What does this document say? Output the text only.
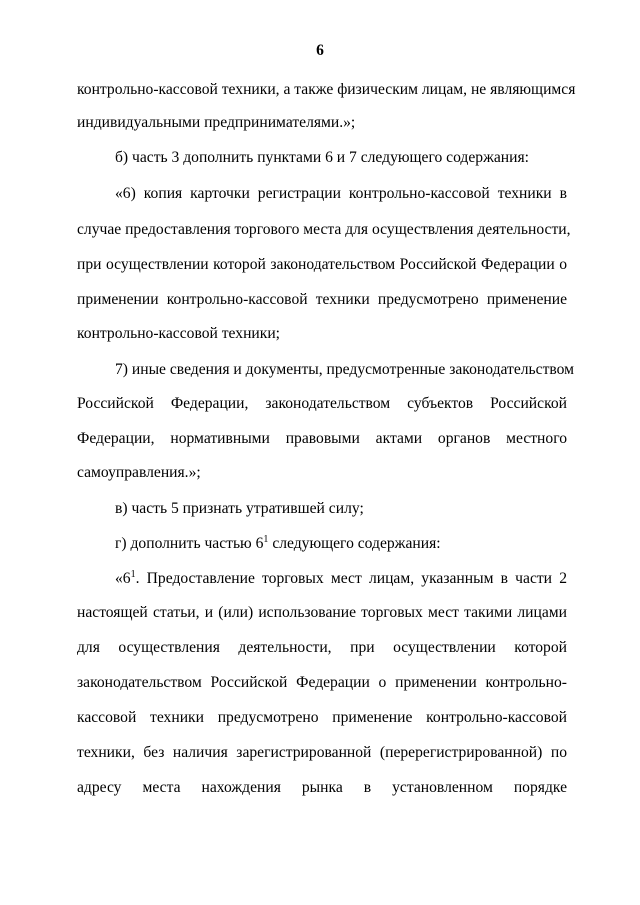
6
контрольно-кассовой техники, а также физическим лицам, не являющимся
индивидуальными предпринимателями.»;
б) часть 3 дополнить пунктами 6 и 7 следующего содержания:
«6) копия карточки регистрации контрольно-кассовой техники в
случае предоставления торгового места для осуществления деятельности,
при осуществлении которой законодательством Российской Федерации о
применении контрольно-кассовой техники предусмотрено применение
контрольно-кассовой техники;
7) иные сведения и документы, предусмотренные законодательством
Российской Федерации, законодательством субъектов Российской
Федерации, нормативными правовыми актами органов местного
самоуправления.»;
в) часть 5 признать утратившей силу;
г) дополнить частью $6^1$ следующего содержания:
«$6^1$. Предоставление торговых мест лицам, указанным в части 2
настоящей статьи, и (или) использование торговых мест такими лицами
для осуществления деятельности, при осуществлении которой
законодательством Российской Федерации о применении контрольно-
кассовой техники предусмотрено применение контрольно-кассовой
техники, без наличия зарегистрированной (перерегистрированной) по
адресу места нахождения рынка в установленном порядке
